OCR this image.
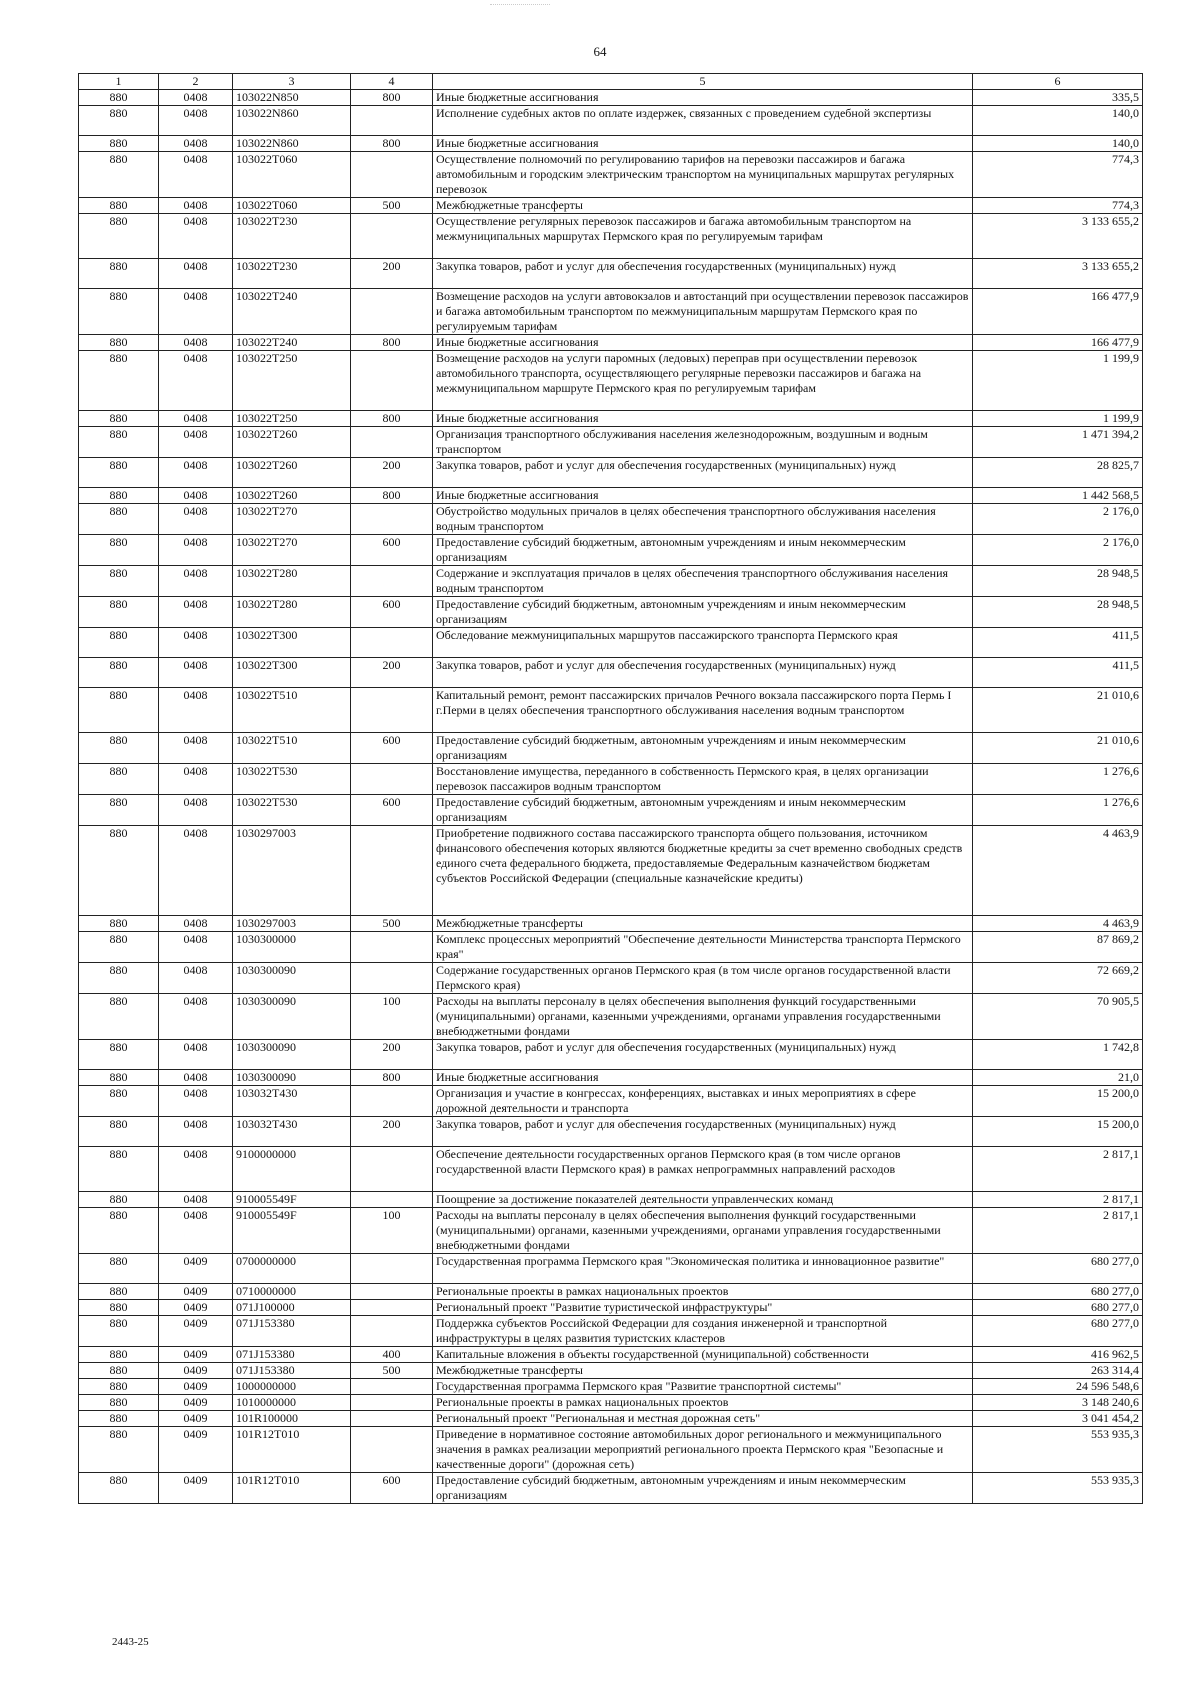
64
1	2	3	4	5	6
880	0408	103022N850	800	Иные бюджетные ассигнования	335,5
880	0408	103022N860		Исполнение судебных актов по оплате издержек, связанных с проведением судебной экспертизы	140,0
880	0408	103022N860	800	Иные бюджетные ассигнования	140,0
880	0408	103022T060		Осуществление полномочий по регулированию тарифов на перевозки пассажиров и багажа автомобильным и городским электрическим транспортом на муниципальных маршрутах регулярных перевозок	774,3
880	0408	103022T060	500	Межбюджетные трансферты	774,3
880	0408	103022T230		Осуществление регулярных перевозок пассажиров и багажа автомобильным транспортом на межмуниципальных маршрутах Пермского края по регулируемым тарифам	3 133 655,2
880	0408	103022T230	200	Закупка товаров, работ и услуг для обеспечения государственных (муниципальных) нужд	3 133 655,2
880	0408	103022T240		Возмещение расходов на услуги автовокзалов и автостанций при осуществлении перевозок пассажиров и багажа автомобильным транспортом по межмуниципальным маршрутам Пермского края по регулируемым тарифам	166 477,9
880	0408	103022T240	800	Иные бюджетные ассигнования	166 477,9
880	0408	103022T250		Возмещение расходов на услуги паромных (ледовых) переправ при осуществлении перевозок автомобильного транспорта, осуществляющего регулярные перевозки пассажиров и багажа на межмуниципальном маршруте Пермского края по регулируемым тарифам	1 199,9
880	0408	103022T250	800	Иные бюджетные ассигнования	1 199,9
880	0408	103022T260		Организация транспортного обслуживания населения железнодорожным, воздушным и водным транспортом	1 471 394,2
880	0408	103022T260	200	Закупка товаров, работ и услуг для обеспечения государственных (муниципальных) нужд	28 825,7
880	0408	103022T260	800	Иные бюджетные ассигнования	1 442 568,5
880	0408	103022T270		Обустройство модульных причалов в целях обеспечения транспортного обслуживания населения водным транспортом	2 176,0
880	0408	103022T270	600	Предоставление субсидий бюджетным, автономным учреждениям и иным некоммерческим организациям	2 176,0
880	0408	103022T280		Содержание и эксплуатация причалов в целях обеспечения транспортного обслуживания населения водным транспортом	28 948,5
880	0408	103022T280	600	Предоставление субсидий бюджетным, автономным учреждениям и иным некоммерческим организациям	28 948,5
880	0408	103022T300		Обследование межмуниципальных маршрутов пассажирского транспорта Пермского края	411,5
880	0408	103022T300	200	Закупка товаров, работ и услуг для обеспечения государственных (муниципальных) нужд	411,5
880	0408	103022T510		Капитальный ремонт, ремонт пассажирских причалов Речного вокзала пассажирского порта Пермь I г.Перми в целях обеспечения транспортного обслуживания населения водным транспортом	21 010,6
880	0408	103022T510	600	Предоставление субсидий бюджетным, автономным учреждениям и иным некоммерческим организациям	21 010,6
880	0408	103022T530		Восстановление имущества, переданного в собственность Пермского края, в целях организации перевозок пассажиров водным транспортом	1 276,6
880	0408	103022T530	600	Предоставление субсидий бюджетным, автономным учреждениям и иным некоммерческим организациям	1 276,6
880	0408	1030297003		Приобретение подвижного состава пассажирского транспорта общего пользования, источником финансового обеспечения которых являются бюджетные кредиты за счет временно свободных средств единого счета федерального бюджета, предоставляемые Федеральным казначейством бюджетам субъектов Российской Федерации (специальные казначейские кредиты)	4 463,9
880	0408	1030297003	500	Межбюджетные трансферты	4 463,9
880	0408	1030300000		Комплекс процессных мероприятий "Обеспечение деятельности Министерства транспорта Пермского края"	87 869,2
880	0408	1030300090		Содержание государственных органов Пермского края (в том числе органов государственной власти Пермского края)	72 669,2
880	0408	1030300090	100	Расходы на выплаты персоналу в целях обеспечения выполнения функций государственными (муниципальными) органами, казенными учреждениями, органами управления государственными внебюджетными фондами	70 905,5
880	0408	1030300090	200	Закупка товаров, работ и услуг для обеспечения государственных (муниципальных) нужд	1 742,8
880	0408	1030300090	800	Иные бюджетные ассигнования	21,0
880	0408	103032T430		Организация и участие в конгрессах, конференциях, выставках и иных мероприятиях в сфере дорожной деятельности и транспорта	15 200,0
880	0408	103032T430	200	Закупка товаров, работ и услуг для обеспечения государственных (муниципальных) нужд	15 200,0
880	0408	9100000000		Обеспечение деятельности государственных органов Пермского края (в том числе органов государственной власти Пермского края) в рамках непрограммных направлений расходов	2 817,1
880	0408	910005549F		Поощрение за достижение показателей деятельности управленческих команд	2 817,1
880	0408	910005549F	100	Расходы на выплаты персоналу в целях обеспечения выполнения функций государственными (муниципальными) органами, казенными учреждениями, органами управления государственными внебюджетными фондами	2 817,1
880	0409	0700000000		Государственная программа Пермского края "Экономическая политика и инновационное развитие"	680 277,0
880	0409	0710000000		Региональные проекты в рамках национальных проектов	680 277,0
880	0409	071J100000		Региональный проект "Развитие туристической инфраструктуры"	680 277,0
880	0409	071J153380		Поддержка субъектов Российской Федерации для создания инженерной и транспортной инфраструктуры в целях развития туристских кластеров	680 277,0
880	0409	071J153380	400	Капитальные вложения в объекты государственной (муниципальной) собственности	416 962,5
880	0409	071J153380	500	Межбюджетные трансферты	263 314,4
880	0409	1000000000		Государственная программа Пермского края "Развитие транспортной системы"	24 596 548,6
880	0409	1010000000		Региональные проекты в рамках национальных проектов	3 148 240,6
880	0409	101R100000		Региональный проект "Региональная и местная дорожная сеть"	3 041 454,2
880	0409	101R12T010		Приведение в нормативное состояние автомобильных дорог регионального и межмуниципального значения в рамках реализации мероприятий регионального проекта Пермского края "Безопасные и качественные дороги" (дорожная сеть)	553 935,3
880	0409	101R12T010	600	Предоставление субсидий бюджетным, автономным учреждениям и иным некоммерческим организациям	553 935,3
2443-25
